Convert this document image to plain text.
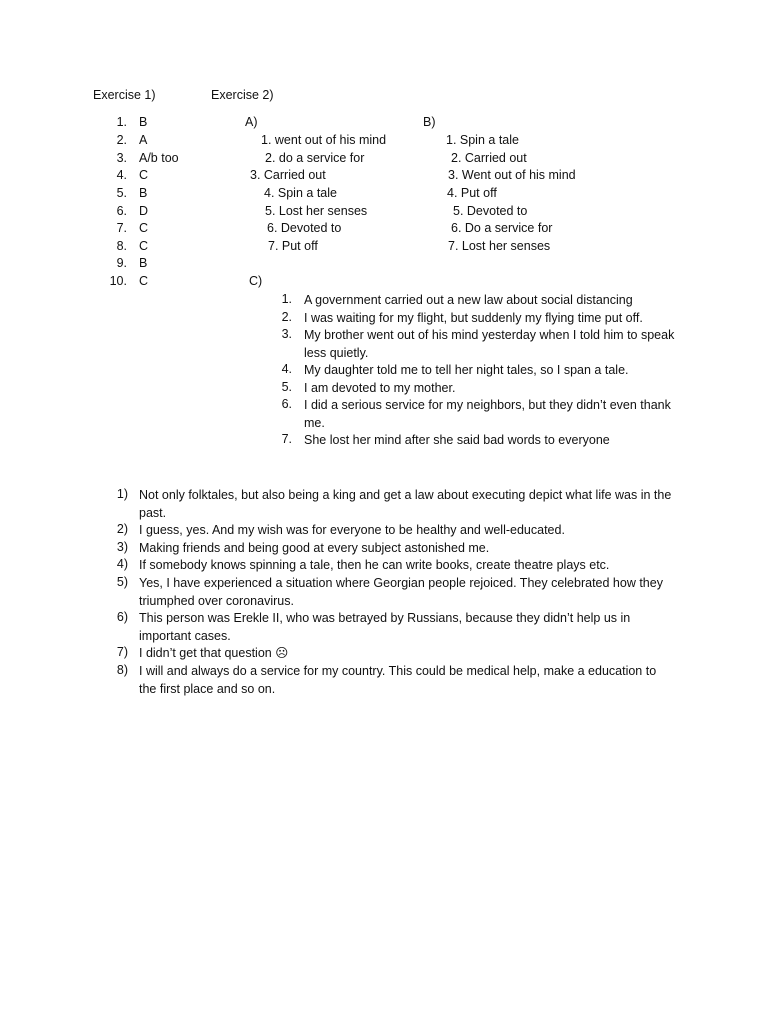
Exercise 1)	Exercise 2)
1. B
2. A
3. A/b too
4. C
5. B
6. D
7. C
8. C
9. B
10. C
A)
1. went out of his mind
2. do a service for
3. Carried out
4. Spin a tale
5. Lost her senses
6. Devoted to
7. Put off
B)
1. Spin a tale
2. Carried out
3. Went out of his mind
4. Put off
5. Devoted to
6. Do a service for
7. Lost her senses
C)
1. A government carried out a new law about social distancing
2. I was waiting for my flight, but suddenly my flying time put off.
3. My brother went out of his mind yesterday when I told him to speak less quietly.
4. My daughter told me to tell her night tales, so I span a tale.
5. I am devoted to my mother.
6. I did a serious service for my neighbors, but they didn’t even thank me.
7. She lost her mind after she said bad words to everyone
1) Not only folktales, but also being a king and get a law about executing depict what life was in the past.
2) I guess, yes. And my wish was for everyone to be healthy and well-educated.
3) Making friends and being good at every subject astonished me.
4) If somebody knows spinning a tale, then he can write books, create theatre plays etc.
5) Yes, I have experienced a situation where Georgian people rejoiced. They celebrated how they triumphed over coronavirus.
6) This person was Erekle II, who was betrayed by Russians, because they didn’t help us in important cases.
7) I didn’t get that question ☹
8) I will and always do a service for my country. This could be medical help, make a education to the first place and so on.
